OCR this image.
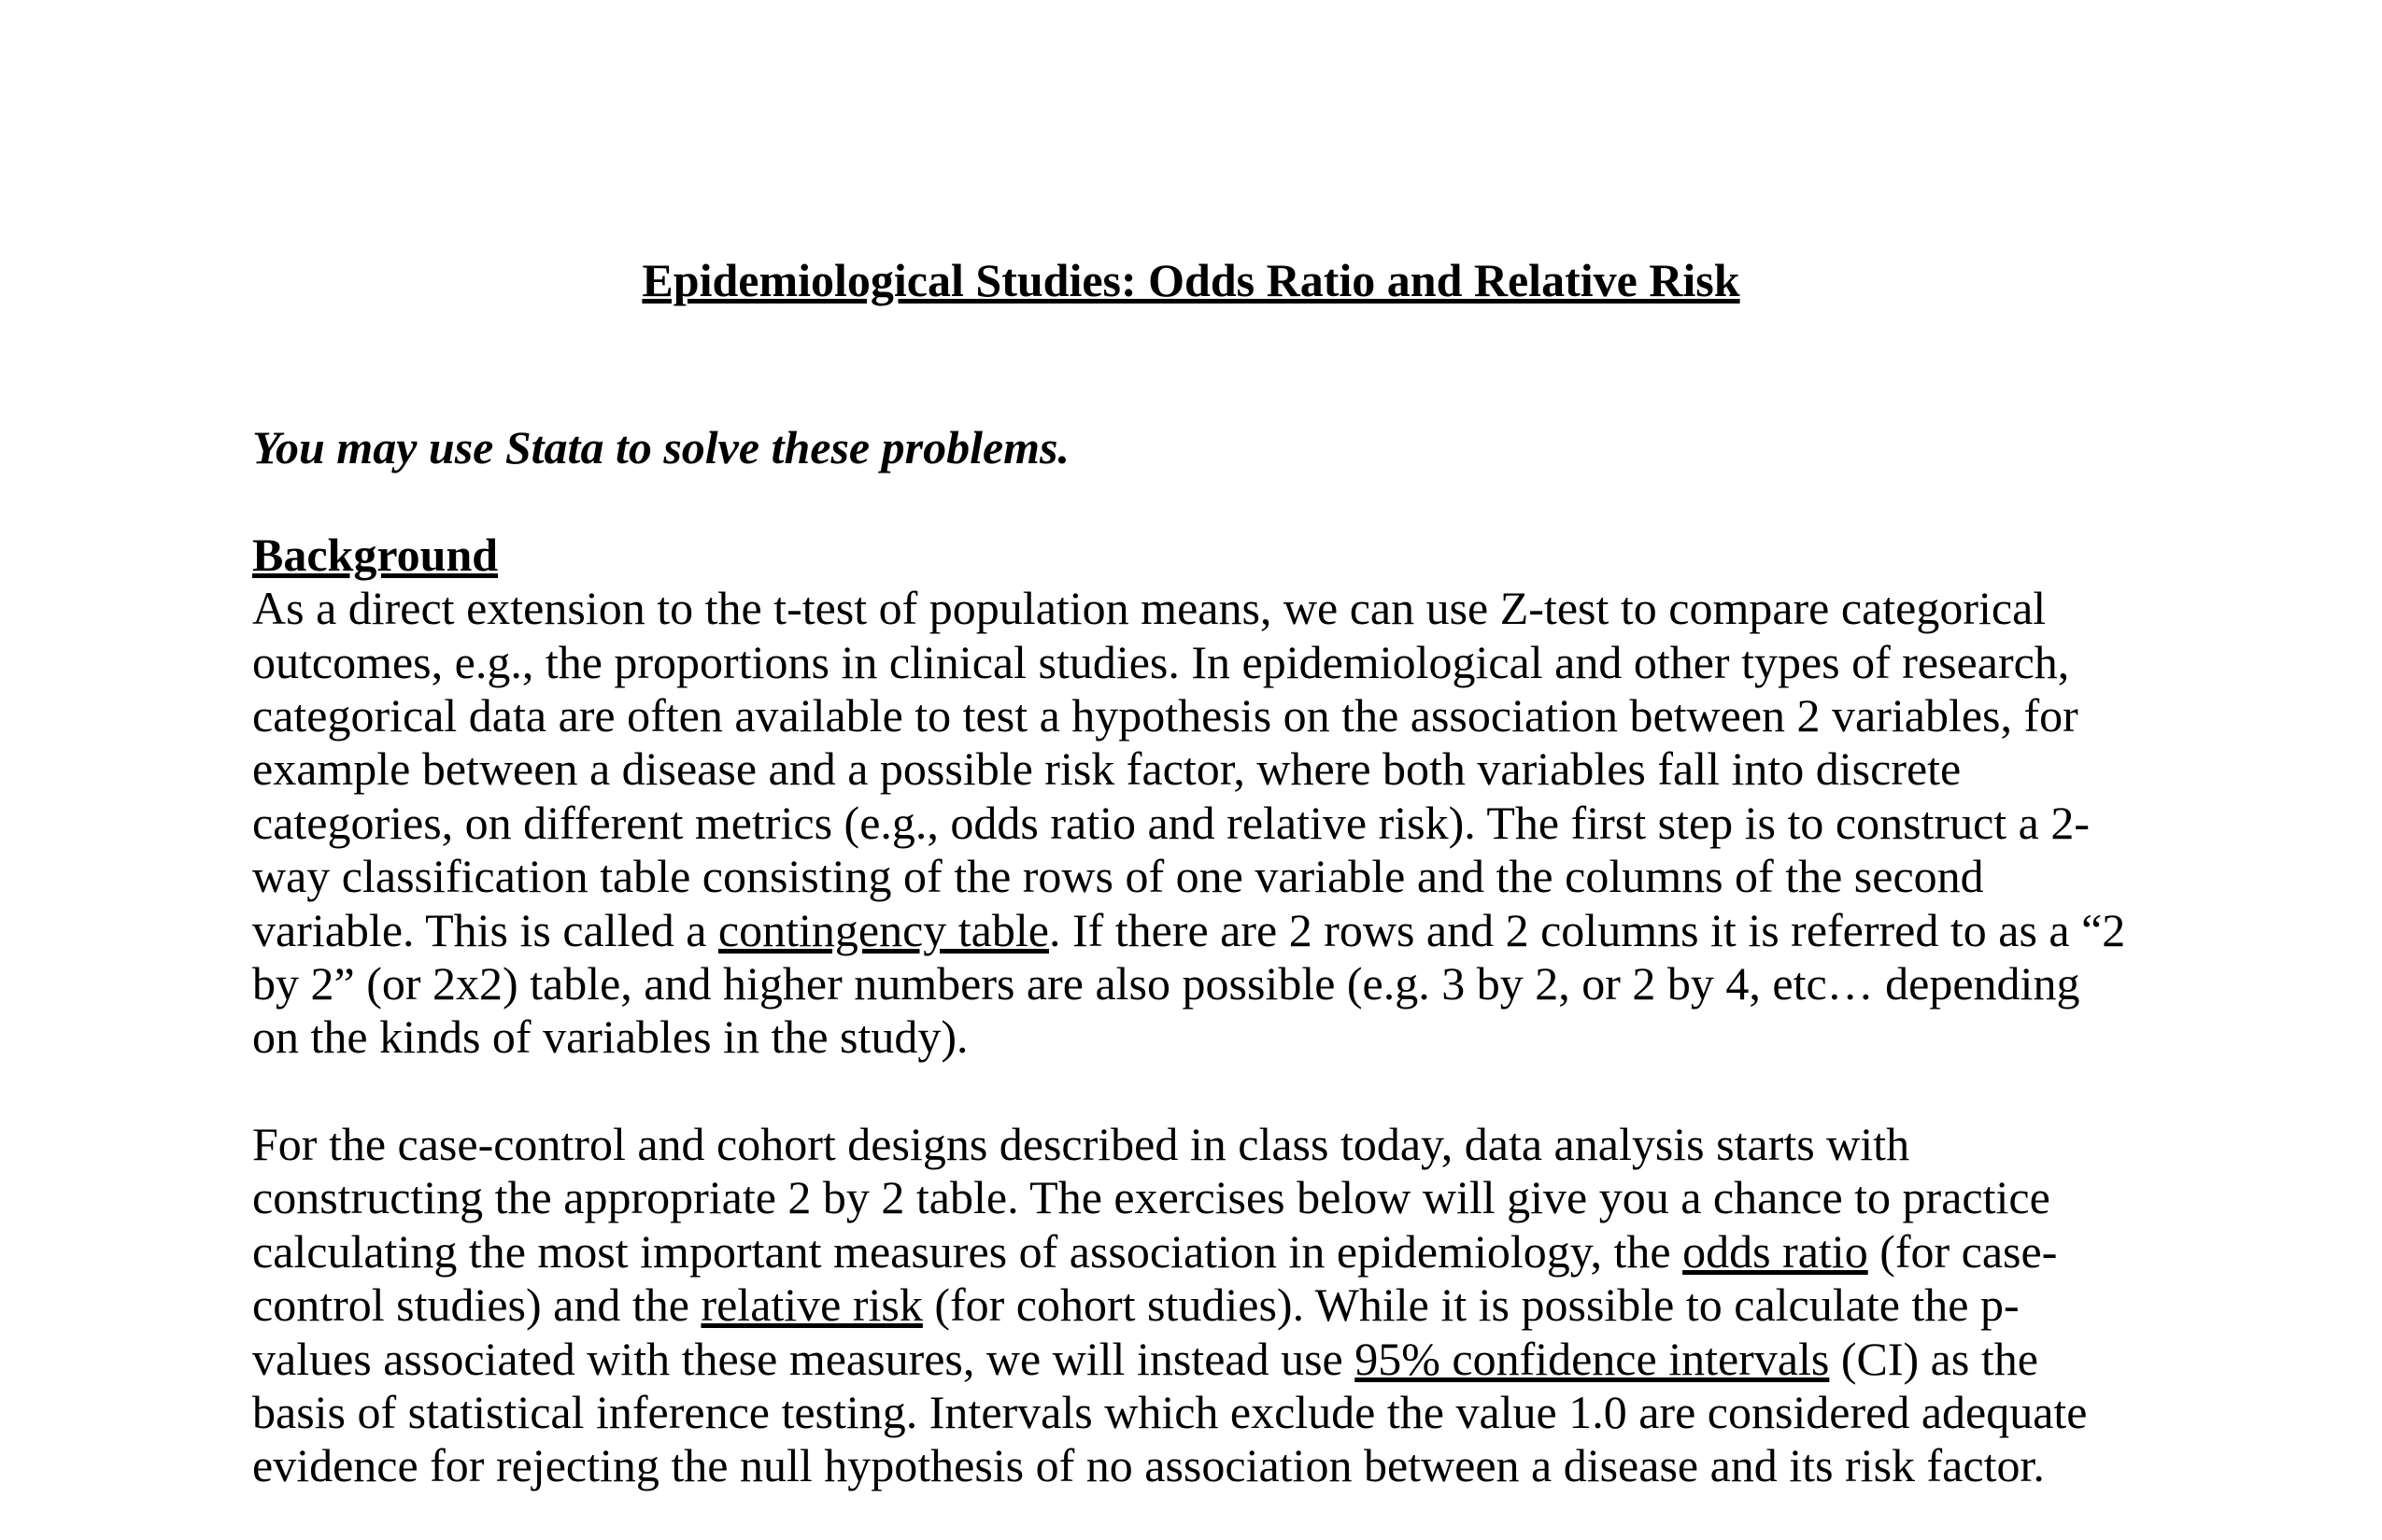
Epidemiological Studies: Odds Ratio and Relative Risk
You may use Stata to solve these problems.
Background
As a direct extension to the t-test of population means, we can use Z-test to compare categorical
outcomes, e.g., the proportions in clinical studies. In epidemiological and other types of research,
categorical data are often available to test a hypothesis on the association between 2 variables, for
example between a disease and a possible risk factor, where both variables fall into discrete
categories, on different metrics (e.g., odds ratio and relative risk). The first step is to construct a 2-
way classification table consisting of the rows of one variable and the columns of the second
variable. This is called a contingency table. If there are 2 rows and 2 columns it is referred to as a “2
by 2” (or 2x2) table, and higher numbers are also possible (e.g. 3 by 2, or 2 by 4, etc… depending
on the kinds of variables in the study).
For the case-control and cohort designs described in class today, data analysis starts with
constructing the appropriate 2 by 2 table. The exercises below will give you a chance to practice
calculating the most important measures of association in epidemiology, the odds ratio (for case-
control studies) and the relative risk (for cohort studies). While it is possible to calculate the p-
values associated with these measures, we will instead use 95% confidence intervals (CI) as the
basis of statistical inference testing. Intervals which exclude the value 1.0 are considered adequate
evidence for rejecting the null hypothesis of no association between a disease and its risk factor.
